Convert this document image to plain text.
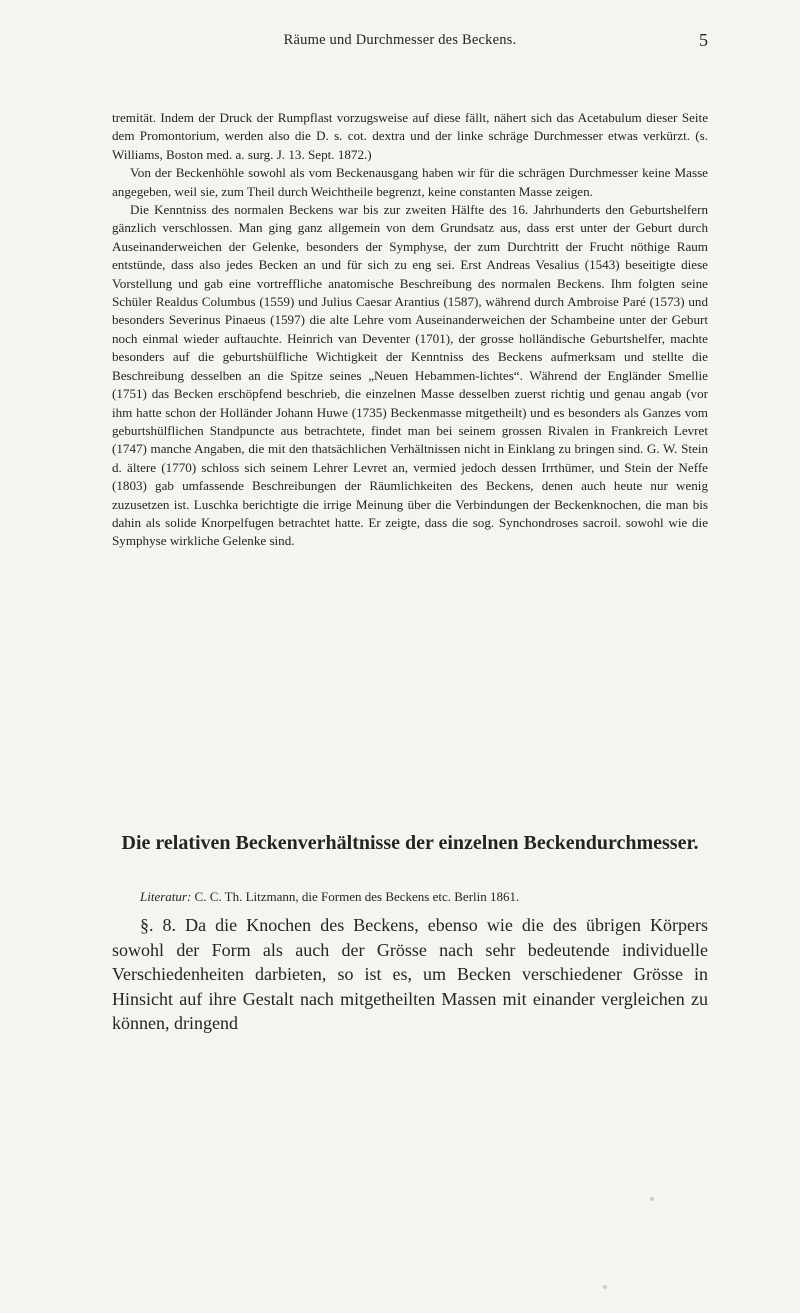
Räume und Durchmesser des Beckens.	5

tremität. Indem der Druck der Rumpflast vorzugsweise auf diese fällt, nähert sich das Acetabulum dieser Seite dem Promontorium, werden also die D. s. cot. dextra und der linke schräge Durchmesser etwas verkürzt. (s. Williams, Boston med. a. surg. J. 13. Sept. 1872.)

Von der Beckenhöhle sowohl als vom Beckenausgang haben wir für die schrägen Durchmesser keine Masse angegeben, weil sie, zum Theil durch Weichtheile begrenzt, keine constanten Masse zeigen.

Die Kenntniss des normalen Beckens war bis zur zweiten Hälfte des 16. Jahrhunderts den Geburtshelfern gänzlich verschlossen. Man ging ganz allgemein von dem Grundsatz aus, dass erst unter der Geburt durch Auseinanderweichen der Gelenke, besonders der Symphyse, der zum Durchtritt der Frucht nöthige Raum entstünde, dass also jedes Becken an und für sich zu eng sei. Erst Andreas Vesalius (1543) beseitigte diese Vorstellung und gab eine vortreffliche anatomische Beschreibung des normalen Beckens. Ihm folgten seine Schüler Realdus Columbus (1559) und Julius Caesar Arantius (1587), während durch Ambroise Paré (1573) und besonders Severinus Pinaeus (1597) die alte Lehre vom Auseinanderweichen der Schambeine unter der Geburt noch einmal wieder auftauchte. Heinrich van Deventer (1701), der grosse holländische Geburtshelfer, machte besonders auf die geburtshülfliche Wichtigkeit der Kenntniss des Beckens aufmerksam und stellte die Beschreibung desselben an die Spitze seines „Neuen Hebammen-lichtes“. Während der Engländer Smellie (1751) das Becken erschöpfend beschrieb, die einzelnen Masse desselben zuerst richtig und genau angab (vor ihm hatte schon der Holländer Johann Huwe (1735) Beckenmasse mitgetheilt) und es besonders als Ganzes vom geburtshülflichen Standpuncte aus betrachtete, findet man bei seinem grossen Rivalen in Frankreich Levret (1747) manche Angaben, die mit den thatsächlichen Verhältnissen nicht in Einklang zu bringen sind. G. W. Stein d. ältere (1770) schloss sich seinem Lehrer Levret an, vermied jedoch dessen Irrthümer, und Stein der Neffe (1803) gab umfassende Beschreibungen der Räumlichkeiten des Beckens, denen auch heute nur wenig zuzusetzen ist. Luschka berichtigte die irrige Meinung über die Verbindungen der Beckenknochen, die man bis dahin als solide Knorpelfugen betrachtet hatte. Er zeigte, dass die sog. Synchondroses sacroil. sowohl wie die Symphyse wirkliche Gelenke sind.

Die relativen Beckenverhältnisse der einzelnen Beckendurchmesser.
Literatur: C. C. Th. Litzmann, die Formen des Beckens etc. Berlin 1861.

§. 8. Da die Knochen des Beckens, ebenso wie die des übrigen Körpers sowohl der Form als auch der Grösse nach sehr bedeutende individuelle Verschiedenheiten darbieten, so ist es, um Becken verschiedener Grösse in Hinsicht auf ihre Gestalt nach mitgetheilten Massen mit einander vergleichen zu können, dringend
